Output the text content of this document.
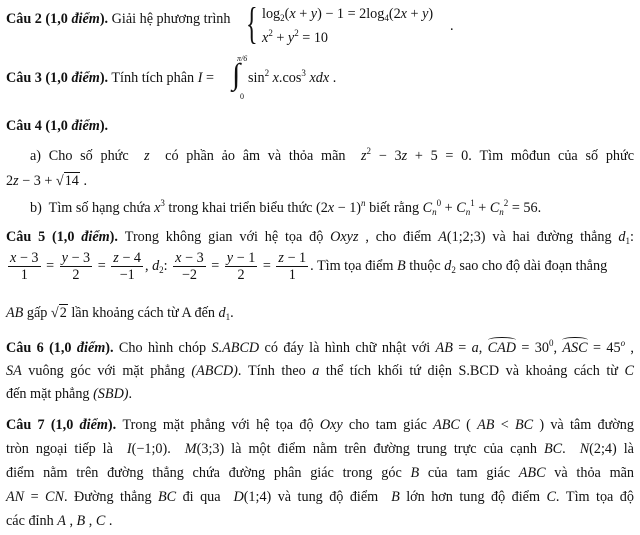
Câu 2 (1,0 điểm). Giải hệ phương trình { $\log_2(x + y) - 1 = 2\log_4(2x + y)$
$x^2 + y^2 = 10$
.
Câu 3 (1,0 điểm). Tính tích phân I =
π/6
∫
0
$\sin^2 x.\cos^3$ xdx .
Câu 4 (1,0 điểm).
a) Cho số phức  z  có phần ảo âm và thỏa mãn  $z^2 - 3z + 5 = 0$. Tìm môđun của số phức
2z − 3 + √14 .
b)  Tìm số hạng chứa $x^3$ trong khai triển biểu thức $(2x - 1)^n$ biết rằng $C_n^0 + C_n^1 + C_n^2 = 56$.
Câu 5 (1,0 điểm). Trong không gian với hệ tọa độ Oxyz , cho điểm A(1;2;3) và hai đường thẳng $d_1$:
$\frac{x - 3}{1} = \frac{y - 3}{2} = \frac{z - 4}{-1}$ , $d_2$: $\frac{x - 3}{-2} = \frac{y - 1}{2} = \frac{z - 1}{1}$ . Tìm tọa điểm B thuộc $d_2$ sao cho độ dài đoạn thẳng
AB gấp √2 lần khoảng cách từ A đến $d_1$.
Câu 6 (1,0 điểm). Cho hình chóp S.ABCD có đáy là hình chữ nhật với AB = a, CAD = $30^0$, ASC = $45^o$ ,
SA vuông góc với mặt phẳng (ABCD). Tính theo a thể tích khối tứ diện S.BCD và khoảng cách từ C
đến mặt phẳng (SBD).
Câu 7 (1,0 điểm). Trong mặt phẳng với hệ tọa độ Oxy cho tam giác ABC ( AB < BC ) và tâm đường
tròn ngoại tiếp là  I(−1;0).  M(3;3) là một điểm nằm trên đường trung trực của cạnh BC.  N(2;4) là
điểm nằm trên đường thẳng chứa đường phân giác trong góc B của tam giác ABC và thỏa mãn
AN = CN. Đường thẳng BC đi qua  D(1;4) và tung độ điểm  B lớn hơn tung độ điểm C. Tìm tọa độ
các đỉnh A , B , C .
